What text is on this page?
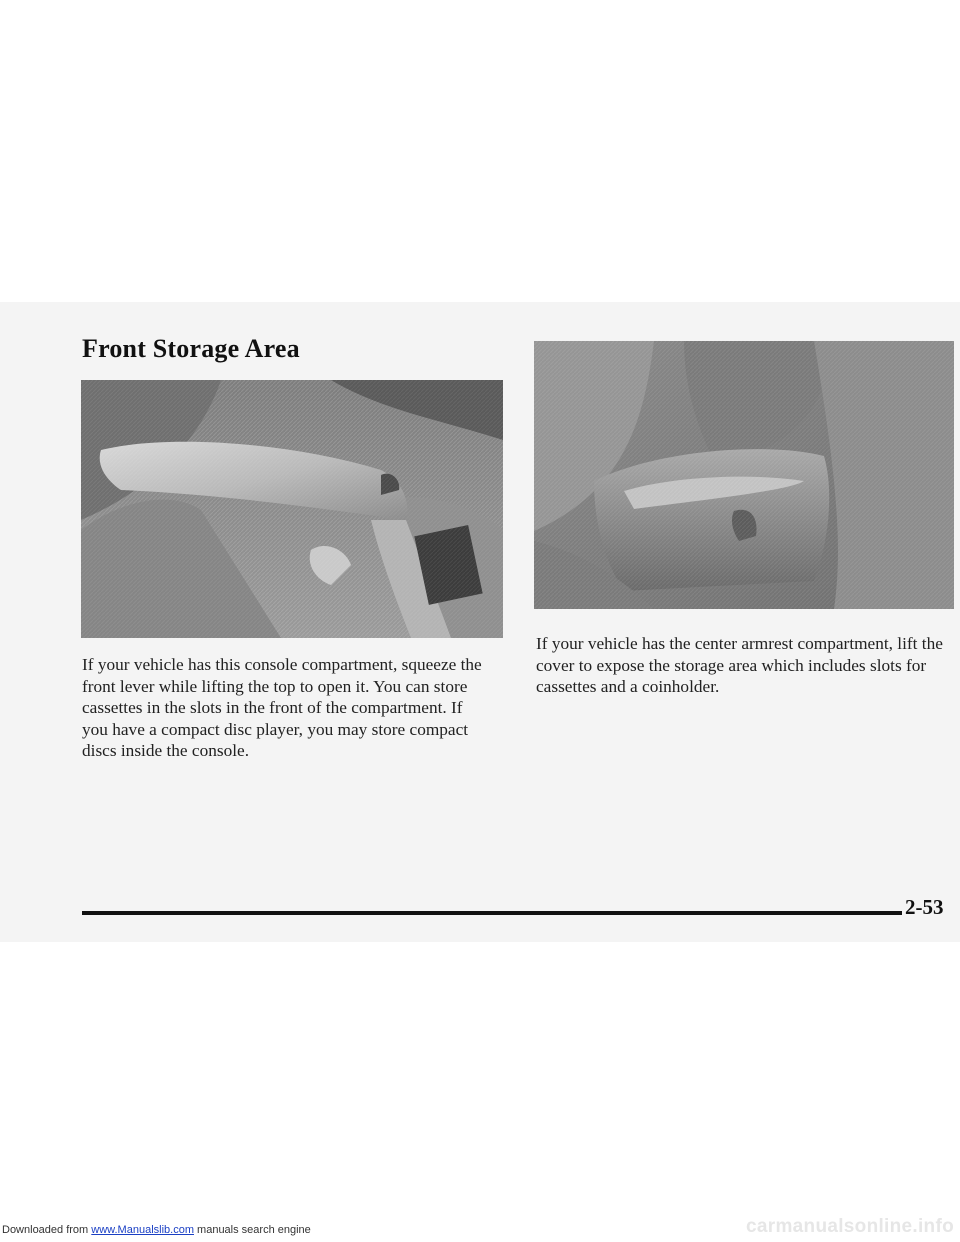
Front Storage Area

If your vehicle has this console compartment, squeeze the front lever while lifting the top to open it. You can store cassettes in the slots in the front of the compartment. If you have a compact disc player, you may store compact discs inside the console.

If your vehicle has the center armrest compartment, lift the cover to expose the storage area which includes slots for cassettes and a coinholder.

2-53
Downloaded from www.Manualslib.com manuals search engine	carmanualsonline.info
